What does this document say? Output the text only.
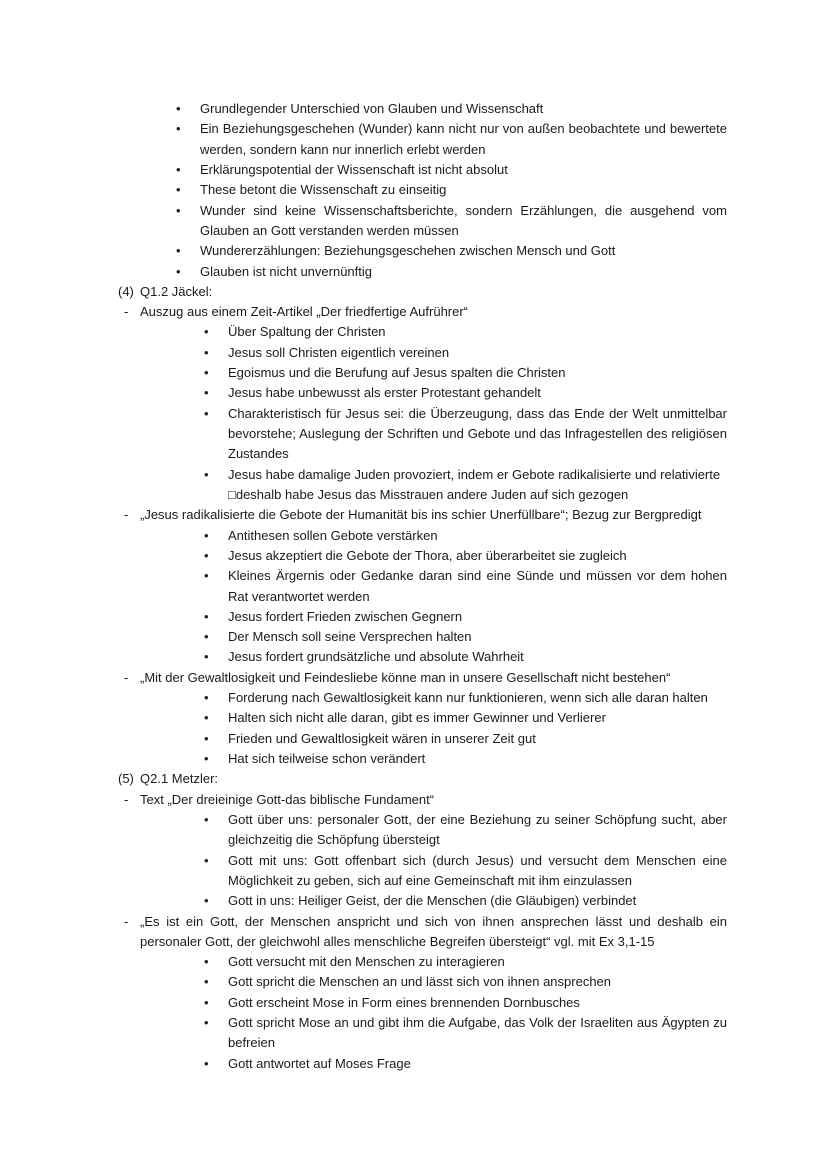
• Grundlegender Unterschied von Glauben und Wissenschaft
• Ein Beziehungsgeschehen (Wunder) kann nicht nur von außen beobachtete und bewertete werden, sondern kann nur innerlich erlebt werden
• Erklärungspotential der Wissenschaft ist nicht absolut
• These betont die Wissenschaft zu einseitig
• Wunder sind keine Wissenschaftsberichte, sondern Erzählungen, die ausgehend vom Glauben an Gott verstanden werden müssen
• Wundererzählungen: Beziehungsgeschehen zwischen Mensch und Gott
• Glauben ist nicht unvernünftig
(4) Q1.2 Jäckel:
- Auszug aus einem Zeit-Artikel „Der friedfertige Aufrührer“
• Über Spaltung der Christen
• Jesus soll Christen eigentlich vereinen
• Egoismus und die Berufung auf Jesus spalten die Christen
• Jesus habe unbewusst als erster Protestant gehandelt
• Charakteristisch für Jesus sei: die Überzeugung, dass das Ende der Welt unmittelbar bevorstehe; Auslegung der Schriften und Gebote und das Infragestellen des religiösen Zustandes
• Jesus habe damalige Juden provoziert, indem er Gebote radikalisierte und relativierte
□deshalb habe Jesus das Misstrauen andere Juden auf sich gezogen
- „Jesus radikalisierte die Gebote der Humanität bis ins schier Unerfüllbare“; Bezug zur Bergpredigt
• Antithesen sollen Gebote verstärken
• Jesus akzeptiert die Gebote der Thora, aber überarbeitet sie zugleich
• Kleines Ärgernis oder Gedanke daran sind eine Sünde und müssen vor dem hohen Rat verantwortet werden
• Jesus fordert Frieden zwischen Gegnern
• Der Mensch soll seine Versprechen halten
• Jesus fordert grundsätzliche und absolute Wahrheit
- „Mit der Gewaltlosigkeit und Feindesliebe könne man in unsere Gesellschaft nicht bestehen“
• Forderung nach Gewaltlosigkeit kann nur funktionieren, wenn sich alle daran halten
• Halten sich nicht alle daran, gibt es immer Gewinner und Verlierer
• Frieden und Gewaltlosigkeit wären in unserer Zeit gut
• Hat sich teilweise schon verändert
(5) Q2.1 Metzler:
- Text „Der dreieinige Gott-das biblische Fundament“
• Gott über uns: personaler Gott, der eine Beziehung zu seiner Schöpfung sucht, aber gleichzeitig die Schöpfung übersteigt
• Gott mit uns: Gott offenbart sich (durch Jesus) und versucht dem Menschen eine Möglichkeit zu geben, sich auf eine Gemeinschaft mit ihm einzulassen
• Gott in uns: Heiliger Geist, der die Menschen (die Gläubigen) verbindet
- „Es ist ein Gott, der Menschen anspricht und sich von ihnen ansprechen lässt und deshalb ein personaler Gott, der gleichwohl alles menschliche Begreifen übersteigt“ vgl. mit Ex 3,1-15
• Gott versucht mit den Menschen zu interagieren
• Gott spricht die Menschen an und lässt sich von ihnen ansprechen
• Gott erscheint Mose in Form eines brennenden Dornbusches
• Gott spricht Mose an und gibt ihm die Aufgabe, das Volk der Israeliten aus Ägypten zu befreien
• Gott antwortet auf Moses Frage
